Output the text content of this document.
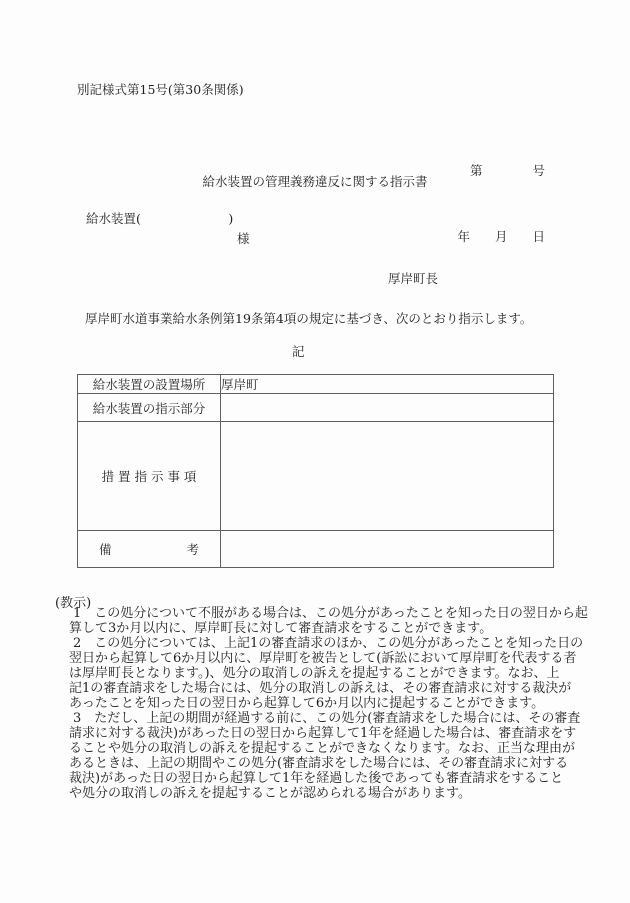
別記様式第15号(第30条関係)

第　　　　号

年　　月　　日

給水装置の管理義務違反に関する指示書
給水装置(　　　　　　　)
様
厚岸町長
厚岸町水道事業給水条例第19条第4項の規定に基づき、次のとおり指示します。
記
給水装置の設置場所	厚岸町
給水装置の指示部分	
措 置 指 示 事 項	
備　　　　　　考	
(教示)
1　この処分について不服がある場合は、この処分があったことを知った日の翌日から起
算して3か月以内に、厚岸町長に対して審査請求をすることができます。
2　この処分については、上記1の審査請求のほか、この処分があったことを知った日の
翌日から起算して6か月以内に、厚岸町を被告として(訴訟において厚岸町を代表する者
は厚岸町長となります。)、処分の取消しの訴えを提起することができます。なお、上
記1の審査請求をした場合には、処分の取消しの訴えは、その審査請求に対する裁決が
あったことを知った日の翌日から起算して6か月以内に提起することができます。
3　ただし、上記の期間が経過する前に、この処分(審査請求をした場合には、その審査
請求に対する裁決)があった日の翌日から起算して1年を経過した場合は、審査請求をす
ることや処分の取消しの訴えを提起することができなくなります。なお、正当な理由が
あるときは、上記の期間やこの処分(審査請求をした場合には、その審査請求に対する
裁決)があった日の翌日から起算して1年を経過した後であっても審査請求をすること
や処分の取消しの訴えを提起することが認められる場合があります。
